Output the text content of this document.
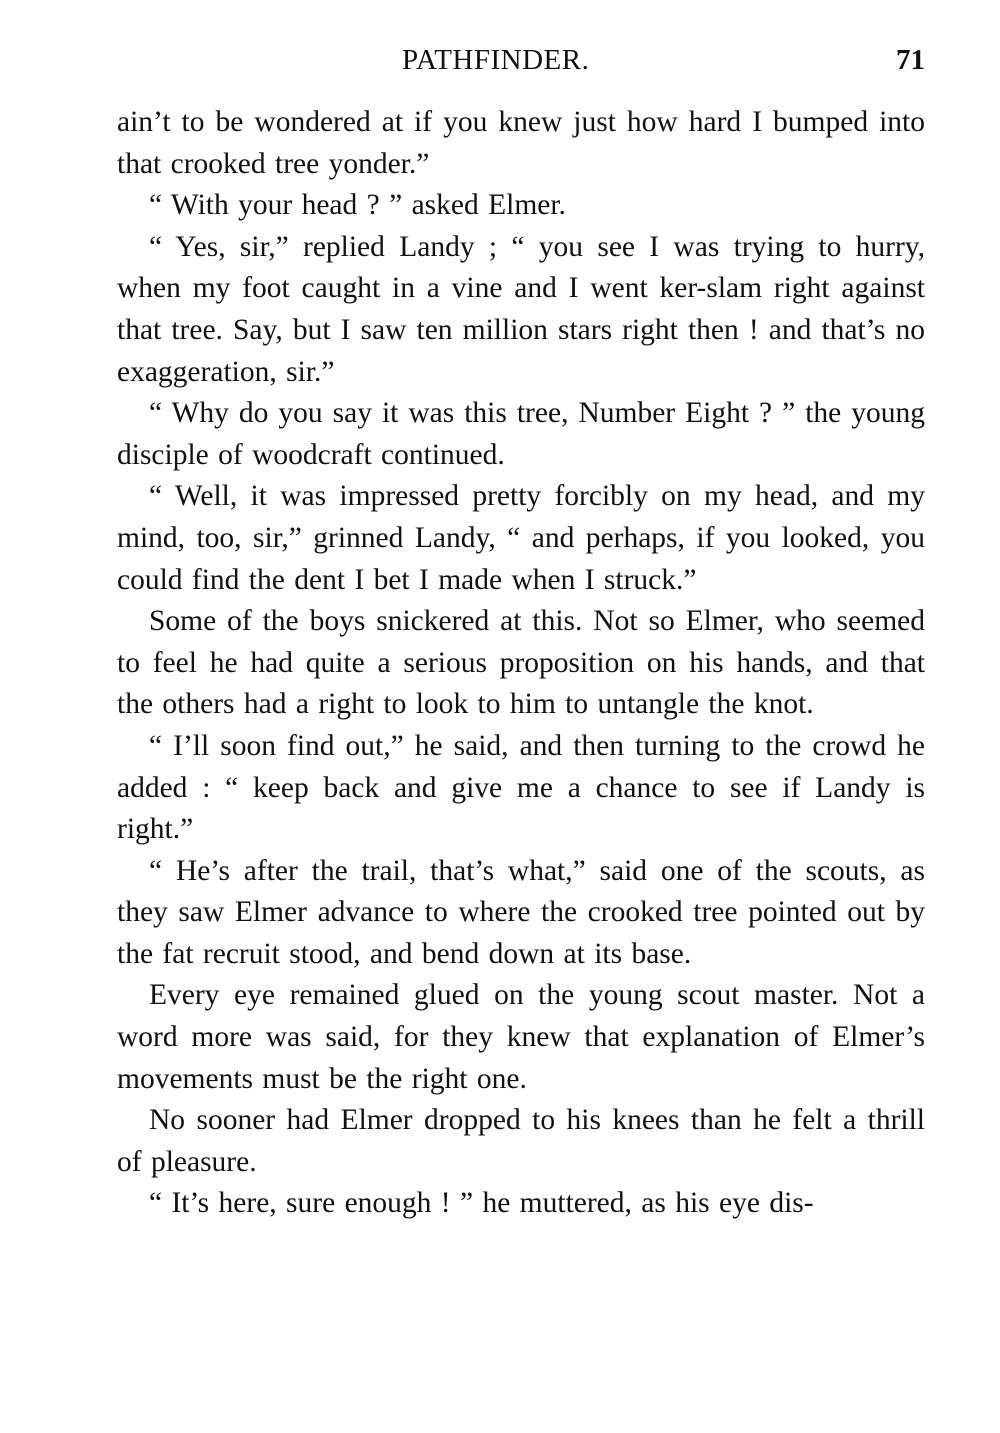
PATHFINDER.	71

ain’t to be wondered at if you knew just how hard I bumped into that crooked tree yonder.”

“ With your head ? ” asked Elmer.

“ Yes, sir,” replied Landy ; “ you see I was trying to hurry, when my foot caught in a vine and I went ker-slam right against that tree. Say, but I saw ten million stars right then ! and that’s no exaggeration, sir.”

“ Why do you say it was this tree, Number Eight ? ” the young disciple of woodcraft continued.

“ Well, it was impressed pretty forcibly on my head, and my mind, too, sir,” grinned Landy, “ and perhaps, if you looked, you could find the dent I bet I made when I struck.”

Some of the boys snickered at this. Not so Elmer, who seemed to feel he had quite a serious proposition on his hands, and that the others had a right to look to him to untangle the knot.

“ I’ll soon find out,” he said, and then turning to the crowd he added : “ keep back and give me a chance to see if Landy is right.”

“ He’s after the trail, that’s what,” said one of the scouts, as they saw Elmer advance to where the crooked tree pointed out by the fat recruit stood, and bend down at its base.

Every eye remained glued on the young scout master. Not a word more was said, for they knew that explanation of Elmer’s movements must be the right one.

No sooner had Elmer dropped to his knees than he felt a thrill of pleasure.

“ It’s here, sure enough ! ” he muttered, as his eye dis-
